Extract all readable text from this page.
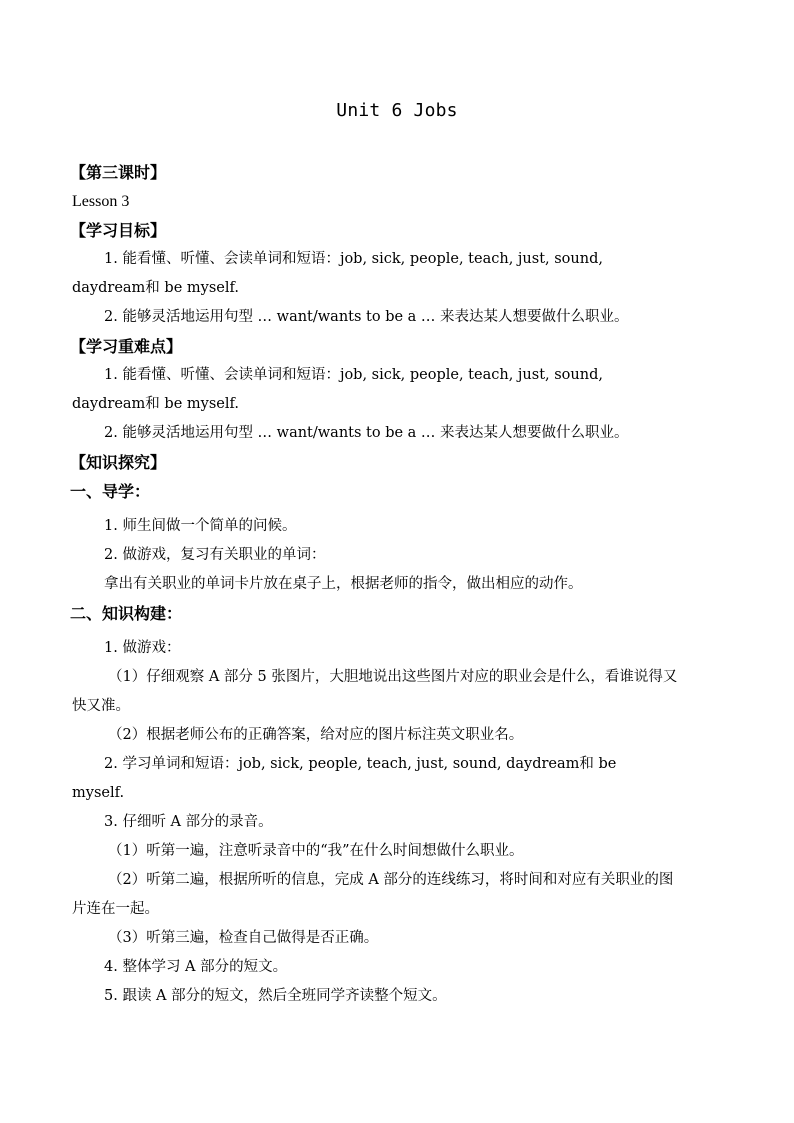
Unit 6 Jobs
【第三课时】
Lesson 3
【学习目标】
1. 能看懂、听懂、会读单词和短语：job, sick, people, teach, just, sound,
daydream和 be myself.
2. 能够灵活地运用句型 … want/wants to be a … 来表达某人想要做什么职业。
【学习重难点】
1. 能看懂、听懂、会读单词和短语：job, sick, people, teach, just, sound,
daydream和 be myself.
2. 能够灵活地运用句型 … want/wants to be a … 来表达某人想要做什么职业。
【知识探究】
一、导学：
1. 师生间做一个简单的问候。
2. 做游戏，复习有关职业的单词：
拿出有关职业的单词卡片放在桌子上，根据老师的指令，做出相应的动作。
二、知识构建：
1. 做游戏：
（1）仔细观察 A 部分 5 张图片，大胆地说出这些图片对应的职业会是什么，看谁说得又
快又准。
（2）根据老师公布的正确答案，给对应的图片标注英文职业名。
2. 学习单词和短语：job, sick, people, teach, just, sound, daydream和 be
myself.
3. 仔细听 A 部分的录音。
（1）听第一遍，注意听录音中的“我”在什么时间想做什么职业。
（2）听第二遍，根据所听的信息，完成 A 部分的连线练习，将时间和对应有关职业的图
片连在一起。
（3）听第三遍，检查自己做得是否正确。
4. 整体学习 A 部分的短文。
5. 跟读 A 部分的短文，然后全班同学齐读整个短文。
